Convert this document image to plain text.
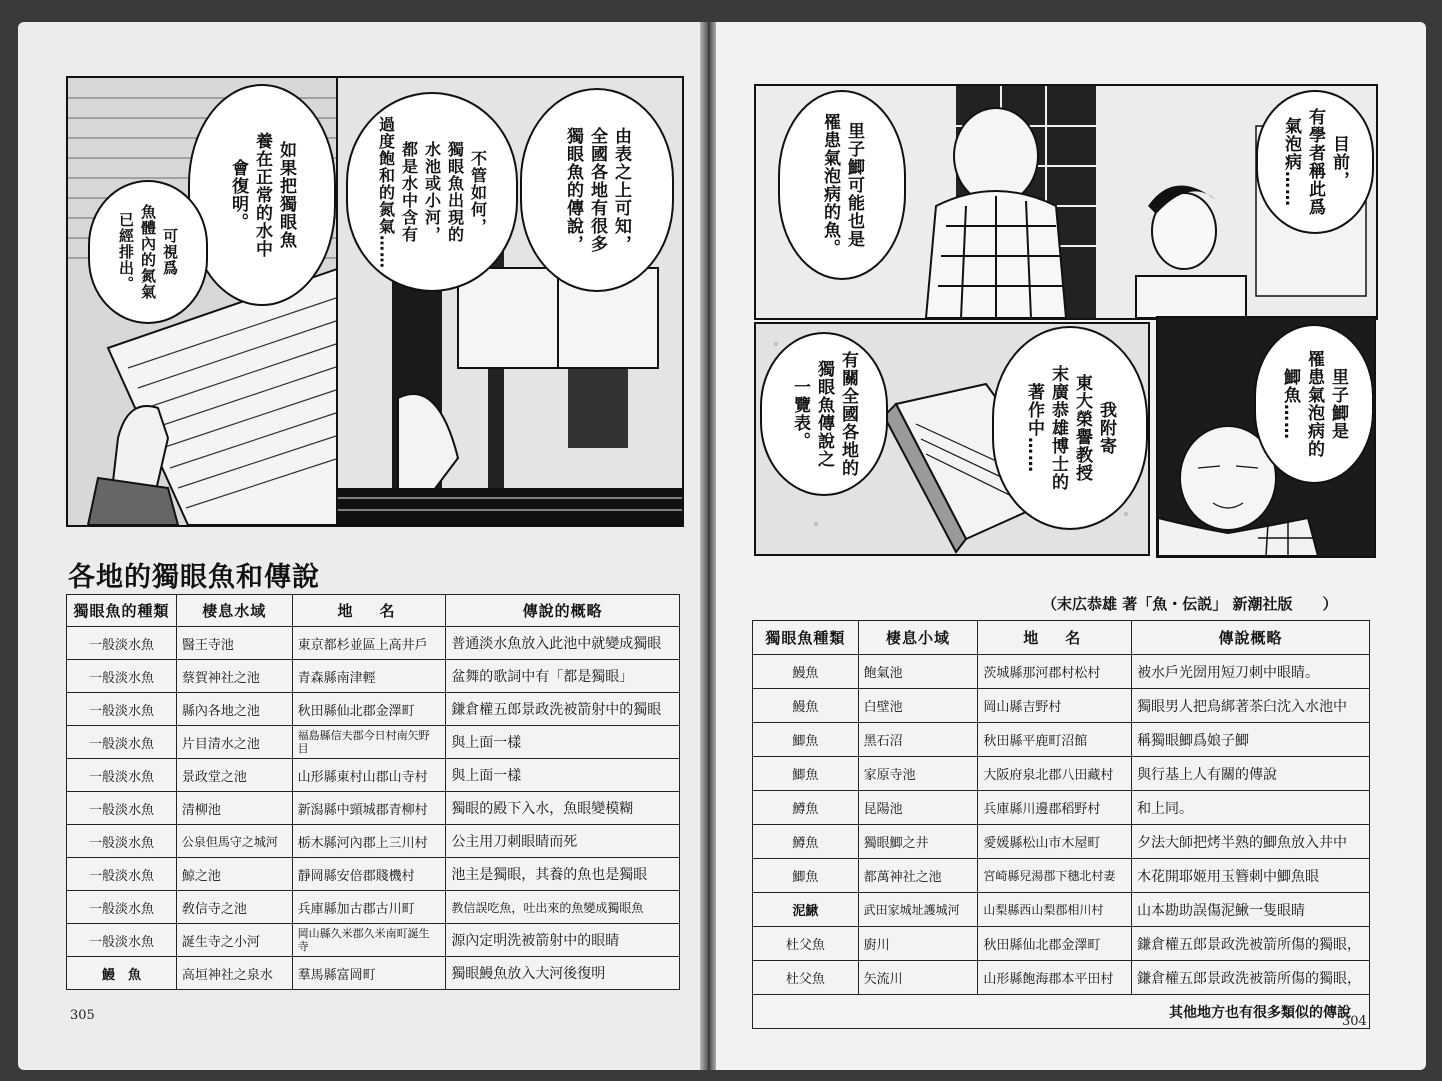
如果把獨眼魚
養在正常的水中
會復明。
可視爲
魚體內的氮氣
已經排出。	由表之上可知，
全國各地有很多
獨眼魚的傳說，
不管如何，
獨眼魚出現的
水池或小河，
都是水中含有
過度飽和的氮氣……
各地的獨眼魚和傳說
獨眼魚的種類	棲息水域	地　名	傳說的概略
一般淡水魚	醫王寺池	東京都杉並區上高井戶	普通淡水魚放入此池中就變成獨眼
一般淡水魚	蔡賀神社之池	青森縣南津輕	盆舞的歌詞中有「都是獨眼」
一般淡水魚	縣內各地之池	秋田縣仙北郡金澤町	鎌倉權五郎景政洗被箭射中的獨眼
一般淡水魚	片目清水之池	福島縣信夫郡今日村南矢野目	與上面一樣
一般淡水魚	景政堂之池	山形縣東村山郡山寺村	與上面一樣
一般淡水魚	清柳池	新潟縣中頸城郡青柳村	獨眼的殿下入水，魚眼變模糊
一般淡水魚	公泉但馬守之城河	栃木縣河內郡上三川村	公主用刀刺眼睛而死
一般淡水魚	鯨之池	靜岡縣安倍郡賤機村	池主是獨眼，其養的魚也是獨眼
一般淡水魚	敎信寺之池	兵庫縣加古郡古川町	教信誤吃魚，吐出來的魚變成獨眼魚
一般淡水魚	誕生寺之小河	岡山縣久米郡久米南町誕生寺	源內定明洗被箭射中的眼睛
鰻　魚	高垣神社之泉水	羣馬縣富岡町	獨眼鰻魚放入大河後復明
305
目前，
有學者稱此爲
氣泡病……
里子鯽可能也是
罹患氣泡病的魚。
有關全國各地的
獨眼魚傳說之
一覽表。	我附寄
東大榮譽教授
末廣恭雄博士的
著作中……	里子鯽是
罹患氣泡病的
鯽魚……
（末広恭雄 著「魚・伝説」 新潮社版　　）
獨眼魚種類	棲息小域	地　名	傳說概略
鰻魚	飽氣池	茨城縣那河郡村松村	被水戶光圀用短刀刺中眼睛。
鰻魚	白壁池	岡山縣吉野村	獨眼男人把鳥綁著茶臼沈入水池中
鯽魚	黑石沼	秋田縣平鹿町沼館	稱獨眼鯽爲娘子鯽
鯽魚	家原寺池	大阪府泉北郡八田藏村	與行基上人有關的傳說
鱒魚	昆陽池	兵庫縣川邊郡稻野村	和上同。
鱒魚	獨眼鯽之井	愛媛縣松山市木屋町	夕法大師把烤半熟的鯽魚放入井中
鯽魚	都萬神社之池	宮崎縣兒湯郡下穗北村妻	木花開耶姬用玉簪刺中鯽魚眼
泥鰍	武田家城址護城河	山梨縣西山梨郡相川村	山本勘助誤傷泥鰍一隻眼睛
杜父魚	廚川	秋田縣仙北郡金澤町	鎌倉權五郎景政洗被箭所傷的獨眼，
杜父魚	矢流川	山形縣飽海郡本平田村	鎌倉權五郎景政洗被箭所傷的獨眼，
其他地方也有很多類似的傳說			
304
